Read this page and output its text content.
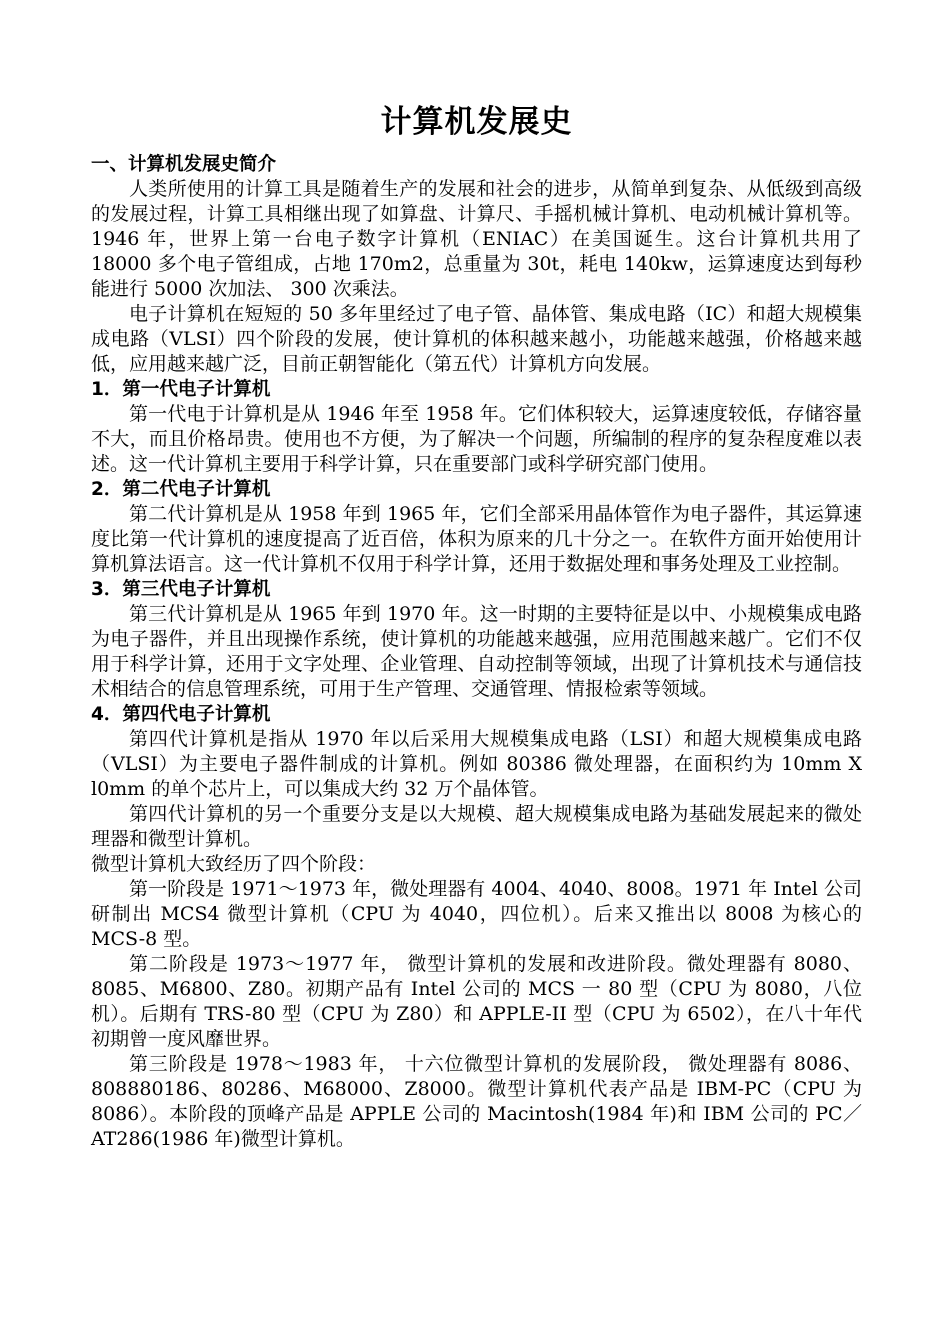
计算机发展史

一、计算机发展史简介

人类所使用的计算工具是随着生产的发展和社会的进步，从简单到复杂、从低级到高级的发展过程，计算工具相继出现了如算盘、计算尺、手摇机械计算机、电动机械计算机等。1946 年，世界上第一台电子数字计算机（ENIAC）在美国诞生。这台计算机共用了 18000 多个电子管组成，占地 170m2，总重量为 30t，耗电 140kw，运算速度达到每秒能进行 5000 次加法、 300 次乘法。

电子计算机在短短的 50 多年里经过了电子管、晶体管、集成电路（IC）和超大规模集成电路（VLSI）四个阶段的发展，使计算机的体积越来越小，功能越来越强，价格越来越低，应用越来越广泛，目前正朝智能化（第五代）计算机方向发展。

1．第一代电子计算机

第一代电于计算机是从 1946 年至 1958 年。它们体积较大，运算速度较低，存储容量不大，而且价格昂贵。使用也不方便，为了解决一个问题，所编制的程序的复杂程度难以表述。这一代计算机主要用于科学计算，只在重要部门或科学研究部门使用。

2．第二代电子计算机

第二代计算机是从 1958 年到 1965 年，它们全部采用晶体管作为电子器件，其运算速度比第一代计算机的速度提高了近百倍，体积为原来的几十分之一。在软件方面开始使用计算机算法语言。这一代计算机不仅用于科学计算，还用于数据处理和事务处理及工业控制。

3．第三代电子计算机

第三代计算机是从 1965 年到 1970 年。这一时期的主要特征是以中、小规模集成电路为电子器件，并且出现操作系统，使计算机的功能越来越强，应用范围越来越广。它们不仅用于科学计算，还用于文字处理、企业管理、自动控制等领域，出现了计算机技术与通信技术相结合的信息管理系统，可用于生产管理、交通管理、情报检索等领域。

4．第四代电子计算机

第四代计算机是指从 1970 年以后采用大规模集成电路（LSI）和超大规模集成电路（VLSI）为主要电子器件制成的计算机。例如 80386 微处理器，在面积约为 10mm X l0mm 的单个芯片上，可以集成大约 32 万个晶体管。

第四代计算机的另一个重要分支是以大规模、超大规模集成电路为基础发展起来的微处理器和微型计算机。

微型计算机大致经历了四个阶段：

第一阶段是 1971～1973 年，微处理器有 4004、4040、8008。1971 年 Intel 公司研制出 MCS4 微型计算机（CPU 为 4040，四位机）。后来又推出以 8008 为核心的 MCS-8 型。

第二阶段是 1973～1977 年， 微型计算机的发展和改进阶段。微处理器有 8080、8085、M6800、Z80。初期产品有 Intel 公司的 MCS 一 80 型（CPU 为 8080，八位机）。后期有 TRS-80 型（CPU 为 Z80）和 APPLE-II 型（CPU 为 6502），在八十年代初期曾一度风靡世界。

第三阶段是 1978～1983 年， 十六位微型计算机的发展阶段， 微处理器有 8086、808880186、80286、M68000、Z8000。微型计算机代表产品是 IBM-PC（CPU 为 8086）。本阶段的顶峰产品是 APPLE 公司的 Macintosh(1984 年)和 IBM 公司的 PC／AT286(1986 年)微型计算机。
